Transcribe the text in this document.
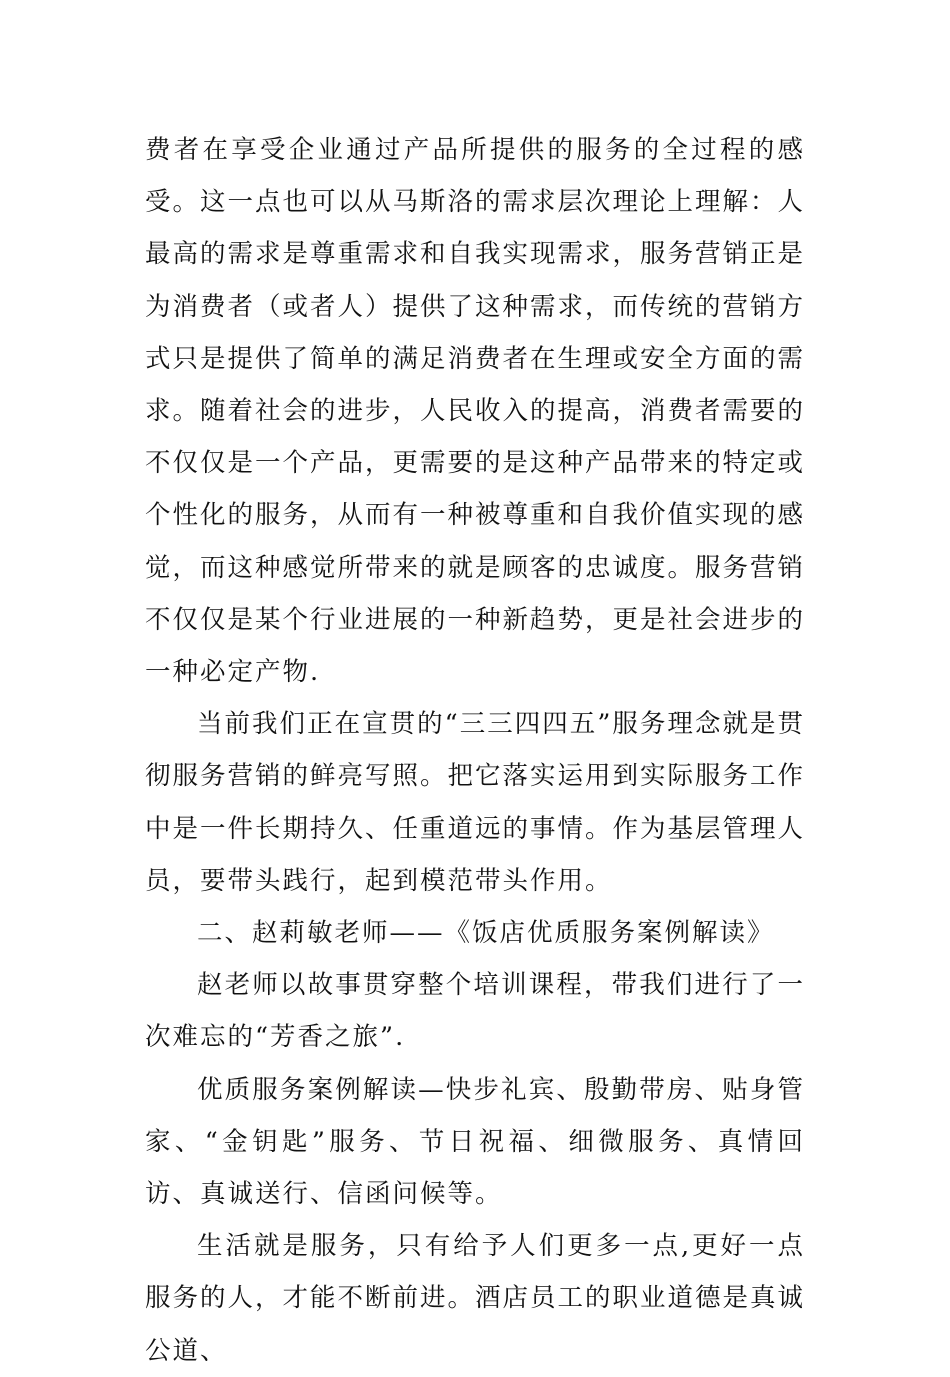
费者在享受企业通过产品所提供的服务的全过程的感受。这一点也可以从马斯洛的需求层次理论上理解：人最高的需求是尊重需求和自我实现需求，服务营销正是为消费者（或者人）提供了这种需求，而传统的营销方式只是提供了简单的满足消费者在生理或安全方面的需求。随着社会的进步，人民收入的提高，消费者需要的不仅仅是一个产品，更需要的是这种产品带来的特定或个性化的服务，从而有一种被尊重和自我价值实现的感觉，而这种感觉所带来的就是顾客的忠诚度。服务营销不仅仅是某个行业进展的一种新趋势，更是社会进步的一种必定产物.

当前我们正在宣贯的“三三四四五”服务理念就是贯彻服务营销的鲜亮写照。把它落实运用到实际服务工作中是一件长期持久、任重道远的事情。作为基层管理人员，要带头践行，起到模范带头作用。

二、赵莉敏老师——《饭店优质服务案例解读》

赵老师以故事贯穿整个培训课程，带我们进行了一次难忘的“芳香之旅”.

优质服务案例解读—快步礼宾、殷勤带房、贴身管家、“金钥匙”服务、节日祝福、细微服务、真情回访、真诚送行、信函问候等。

生活就是服务，只有给予人们更多一点,更好一点服务的人，才能不断前进。酒店员工的职业道德是真诚公道、
